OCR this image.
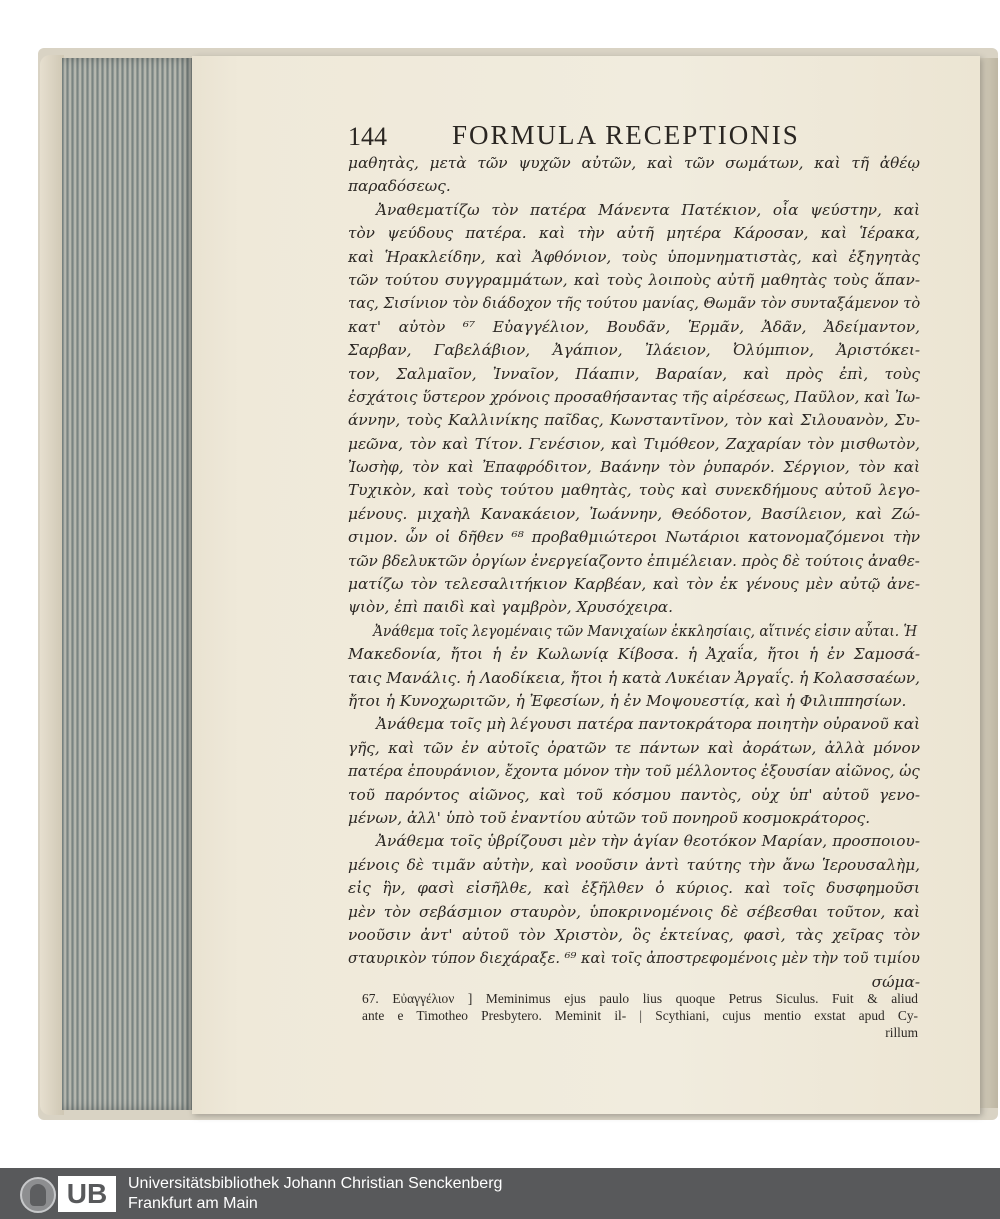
144 FORMULA RECEPTIONIS
μαθητὰς, μετὰ τῶν ψυχῶν αὐτῶν, καὶ τῶν σωμάτων, καὶ τῆ ἀθέῳ
παραδόσεως.
Ἀναθεματίζω τὸν πατέρα Μάνεντα Πατέκιον, οἷα ψεύστην, καὶ
τὸν ψεύδους πατέρα. καὶ τὴν αὐτῆ μητέρα Κάροσαν, καὶ Ἱέρακα,
καὶ Ἡρακλείδην, καὶ Ἀφθόνιον, τοὺς ὑπομνηματιστὰς, καὶ ἐξηγητὰς
τῶν τούτου συγγραμμάτων, καὶ τοὺς λοιποὺς αὐτῆ μαθητὰς τοὺς ἅπαν-
τας, Σισίνιον τὸν διάδοχον τῆς τούτου μανίας, Θωμᾶν τὸν συνταξάμενον τὸ
κατ' αὐτὸν ⁶⁷ Εὐαγγέλιον, Βουδᾶν, Ἑρμᾶν, Ἀδᾶν, Ἀδείμαντον,
Σαρβαν, Γαβελάβιον, Ἀγάπιον, Ἰλάειον, Ὀλύμπιον, Ἀριστόκει-
τον, Σαλμαῖον, Ἰνναῖον, Πάαπιν, Βαραίαν, καὶ πρὸς ἐπὶ, τοὺς
ἐσχάτοις ὕστερον χρόνοις προσαθήσαντας τῆς αἱρέσεως, Παῦλον, καὶ Ἰω-
άννην, τοὺς Καλλινίκης παῖδας, Κωνσταντῖνον, τὸν καὶ Σιλουανὸν, Συ-
μεῶνα, τὸν καὶ Τίτον. Γενέσιον, καὶ Τιμόθεον, Ζαχαρίαν τὸν μισθωτὸν,
Ἰωσὴφ, τὸν καὶ Ἐπαφρόδιτον, Βαάνην τὸν ῥυπαρόν. Σέργιον, τὸν καὶ
Τυχικὸν, καὶ τοὺς τούτου μαθητὰς, τοὺς καὶ συνεκδήμους αὐτοῦ λεγο-
μένους. μιχαὴλ Κανακάειον, Ἰωάννην, Θεόδοτον, Βασίλειον, καὶ Ζώ-
σιμον. ὧν οἱ δῆθεν ⁶⁸ προβαθμιώτεροι Νωτάριοι κατονομαζόμενοι τὴν
τῶν βδελυκτῶν ὀργίων ἐνεργείαζοντο ἐπιμέλειαν. πρὸς δὲ τούτοις ἀναθε-
ματίζω τὸν τελεσαλιτήκιον Καρβέαν, καὶ τὸν ἐκ γένους μὲν αὐτῷ ἀνε-
ψιὸν, ἐπὶ παιδὶ καὶ γαμβρὸν, Χρυσόχειρα.
Ἀνάθεμα τοῖς λεγομέναις τῶν Μανιχαίων ἐκκλησίαις, αἵτινές εἰσιν αὗται. Ἡ
Μακεδονία, ἤτοι ἡ ἐν Κωλωνίᾳ Κίβοσα. ἡ Ἀχαΐα, ἤτοι ἡ ἐν Σαμοσά-
ταις Μανάλις. ἡ Λαοδίκεια, ἤτοι ἡ κατὰ Λυκέιαν Ἀργαΐς. ἡ Κολασσαέων,
ἤτοι ἡ Κυνοχωριτῶν, ἡ Ἐφεσίων, ἡ ἐν Μοψουεστίᾳ, καὶ ἡ Φιλιππησίων.
Ἀνάθεμα τοῖς μὴ λέγουσι πατέρα παντοκράτορα ποιητὴν οὐρανοῦ καὶ
γῆς, καὶ τῶν ἐν αὐτοῖς ὁρατῶν τε πάντων καὶ ἀοράτων, ἀλλὰ μόνον
πατέρα ἐπουράνιον, ἔχοντα μόνον τὴν τοῦ μέλλοντος ἐξουσίαν αἰῶνος, ὡς
τοῦ παρόντος αἰῶνος, καὶ τοῦ κόσμου παντὸς, οὐχ ὑπ' αὐτοῦ γενο-
μένων, ἀλλ' ὑπὸ τοῦ ἐναντίου αὐτῶν τοῦ πονηροῦ κοσμοκράτορος.
Ἀνάθεμα τοῖς ὑβρίζουσι μὲν τὴν ἁγίαν θεοτόκον Μαρίαν, προσποιου-
μένοις δὲ τιμᾶν αὐτὴν, καὶ νοοῦσιν ἀντὶ ταύτης τὴν ἄνω Ἱερουσαλὴμ,
εἰς ἣν, φασὶ εἰσῆλθε, καὶ ἐξῆλθεν ὁ κύριος. καὶ τοῖς δυσφημοῦσι
μὲν τὸν σεβάσμιον σταυρὸν, ὑποκρινομένοις δὲ σέβεσθαι τοῦτον, καὶ
νοοῦσιν ἀντ' αὐτοῦ τὸν Χριστὸν, ὃς ἐκτείνας, φασὶ, τὰς χεῖρας τὸν
σταυρικὸν τύπον διεχάραξε. ⁶⁹ καὶ τοῖς ἀποστρεφομένοις μὲν τὴν τοῦ τιμίου
σώμα-
67. Εὐαγγέλιον ] Meminimus ejus paulo lius quoque Petrus Siculus. Fuit & aliud
ante e Timotheo Presbytero. Meminit il- | Scythiani, cujus mentio exstat apud Cy-
rillum
UB	Universitätsbibliothek Johann Christian Senckenberg
Frankfurt am Main
